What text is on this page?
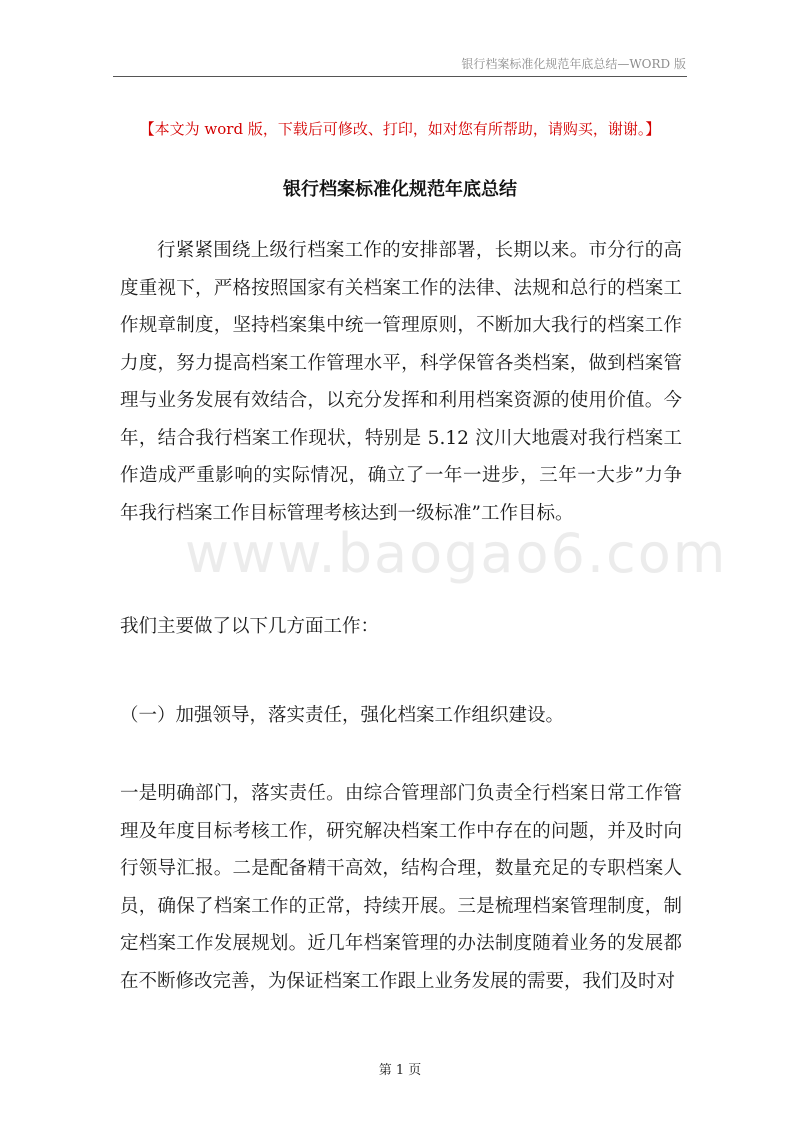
银行档案标准化规范年底总结—WORD 版
【本文为 word 版，下载后可修改、打印，如对您有所帮助，请购买，谢谢。】
银行档案标准化规范年底总结

行紧紧围绕上级行档案工作的安排部署，长期以来。市分行的高度重视下，严格按照国家有关档案工作的法律、法规和总行的档案工作规章制度，坚持档案集中统一管理原则，不断加大我行的档案工作力度，努力提高档案工作管理水平，科学保管各类档案，做到档案管理与业务发展有效结合，以充分发挥和利用档案资源的使用价值。今年，结合我行档案工作现状，特别是 5.12 汶川大地震对我行档案工作造成严重影响的实际情况，确立了一年一进步，三年一大步”力争年我行档案工作目标管理考核达到一级标准”工作目标。

我们主要做了以下几方面工作：

（一）加强领导，落实责任，强化档案工作组织建设。

一是明确部门，落实责任。由综合管理部门负责全行档案日常工作管理及年度目标考核工作，研究解决档案工作中存在的问题，并及时向行领导汇报。二是配备精干高效，结构合理，数量充足的专职档案人员，确保了档案工作的正常，持续开展。三是梳理档案管理制度，制定档案工作发展规划。近几年档案管理的办法制度随着业务的发展都在不断修改完善，为保证档案工作跟上业务发展的需要，我们及时对

www.baogao6.com
第 1 页
